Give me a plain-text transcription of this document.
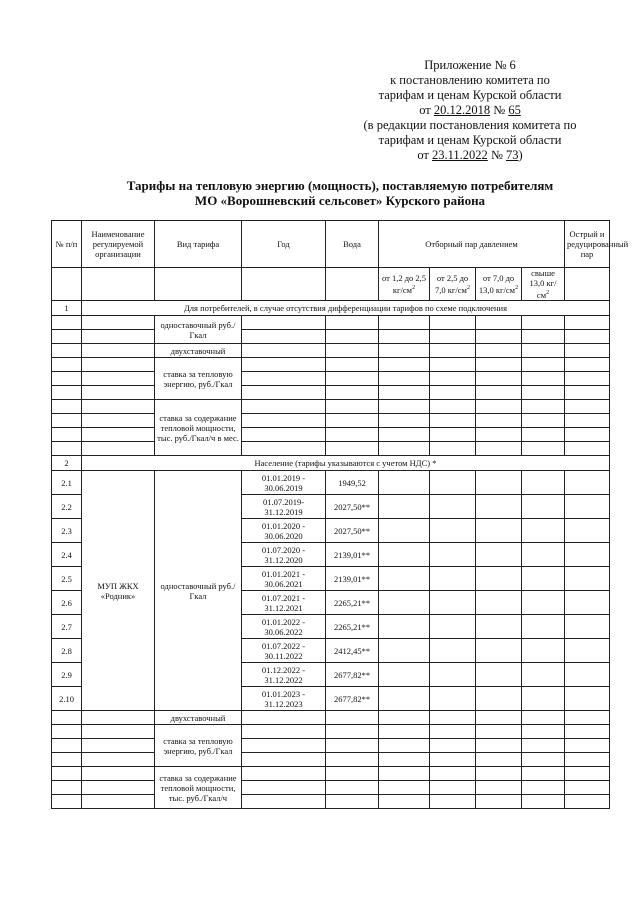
Приложение № 6
к постановлению комитета по
тарифам и ценам Курской области
от 20.12.2018 № 65
(в редакции постановления комитета по
тарифам и ценам Курской области
от 23.11.2022 № 73)
Тарифы на тепловую энергию (мощность), поставляемую потребителям
МО «Ворошневский сельсовет» Курского района
№ п/п	Наименование регулируемой организации	Вид тарифа	Год	Вода	Отборный пар давлением				Острый и редуцированный пар
					от 1,2 до 2,5 $кг/см^2$	от 2,5 до 7,0 $кг/см^2$	от 7,0 до 13,0 $кг/см^2$	свыше 13,0 $кг/см^2$	
1	Для потребителей, в случае отсутствия дифференциации тарифов по схеме подключения								
		одноставочный руб./Гкал							

		двухставочный							
		ставка за тепловую энергию, руб./Гкал							

		ставка за содержание тепловой мощности, тыс. руб./Гкал/ч в мес.							

2	Население (тарифы указываются с учетом НДС) *								
2.1	МУП ЖКХ «Родник»	одноставочный руб./Гкал	01.01.2019 - 30.06.2019	1949,52					
2.2			01.07.2019- 31.12.2019	2027,50**					
2.3			01.01.2020 - 30.06.2020	2027,50**					
2.4			01.07.2020 - 31.12.2020	2139,01**					
2.5			01.01.2021 - 30.06.2021	2139,01**					
2.6			01.07.2021 - 31.12.2021	2265,21**					
2.7			01.01.2022 - 30.06.2022	2265,21**					
2.8			01.07.2022 - 30.11.2022	2412,45**					
2.9			01.12.2022 - 31.12.2022	2677,82**					
2.10			01.01.2023 - 31.12.2023	2677,82**					
		двухставочный							
		ставка за тепловую энергию, руб./Гкал							

		ставка за содержание тепловой мощности, тыс. руб./Гкал/ч							
